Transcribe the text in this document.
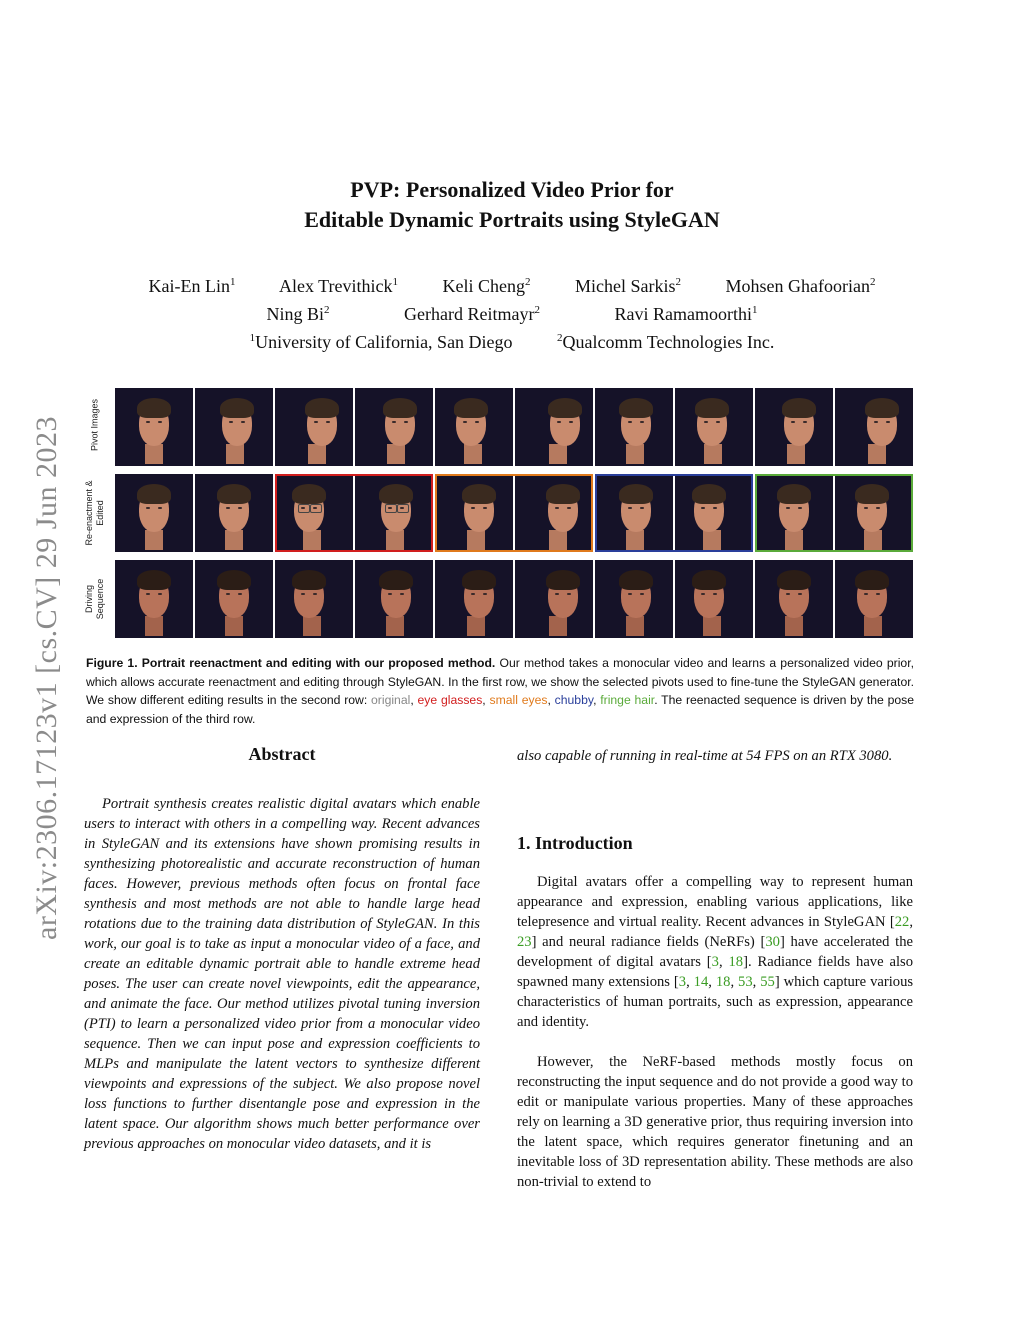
arXiv:2306.17123v1 [cs.CV] 29 Jun 2023
PVP: Personalized Video Prior for
Editable Dynamic Portraits using StyleGAN
Kai-En Lin$^1$ Alex Trevithick$^1$ Keli Cheng$^2$ Michel Sarkis$^2$ Mohsen Ghafoorian$^2$
Ning Bi$^2$	Gerhard Reitmayr$^2$	Ravi Ramamoorthi$^1$
$^1$University of California, San Diego	$^2$Qualcomm Technologies Inc.
Pivot Images
Re-enactment & Edited
Driving Sequence
Figure 1. Portrait reenactment and editing with our proposed method. Our method takes a monocular video and learns a personalized video prior, which allows accurate reenactment and editing through StyleGAN. In the first row, we show the selected pivots used to fine-tune the StyleGAN generator. We show different editing results in the second row: original, eye glasses, small eyes, chubby, fringe hair. The reenacted sequence is driven by the pose and expression of the third row.
Abstract
Portrait synthesis creates realistic digital avatars which enable users to interact with others in a compelling way. Recent advances in StyleGAN and its extensions have shown promising results in synthesizing photorealistic and accurate reconstruction of human faces. However, previous methods often focus on frontal face synthesis and most methods are not able to handle large head rotations due to the training data distribution of StyleGAN. In this work, our goal is to take as input a monocular video of a face, and create an editable dynamic portrait able to handle extreme head poses. The user can create novel viewpoints, edit the appearance, and animate the face. Our method utilizes pivotal tuning inversion (PTI) to learn a personalized video prior from a monocular video sequence. Then we can input pose and expression coefficients to MLPs and manipulate the latent vectors to synthesize different viewpoints and expressions of the subject. We also propose novel loss functions to further disentangle pose and expression in the latent space. Our algorithm shows much better performance over previous approaches on monocular video datasets, and it is
also capable of running in real-time at 54 FPS on an RTX 3080.
1. Introduction
Digital avatars offer a compelling way to represent human appearance and expression, enabling various applications, like telepresence and virtual reality. Recent advances in StyleGAN [22, 23] and neural radiance fields (NeRFs) [30] have accelerated the development of digital avatars [3, 18]. Radiance fields have also spawned many extensions [3, 14, 18, 53, 55] which capture various characteristics of human portraits, such as expression, appearance and identity.
However, the NeRF-based methods mostly focus on reconstructing the input sequence and do not provide a good way to edit or manipulate various properties. Many of these approaches rely on learning a 3D generative prior, thus requiring inversion into the latent space, which requires generator finetuning and an inevitable loss of 3D representation ability. These methods are also non-trivial to extend to
